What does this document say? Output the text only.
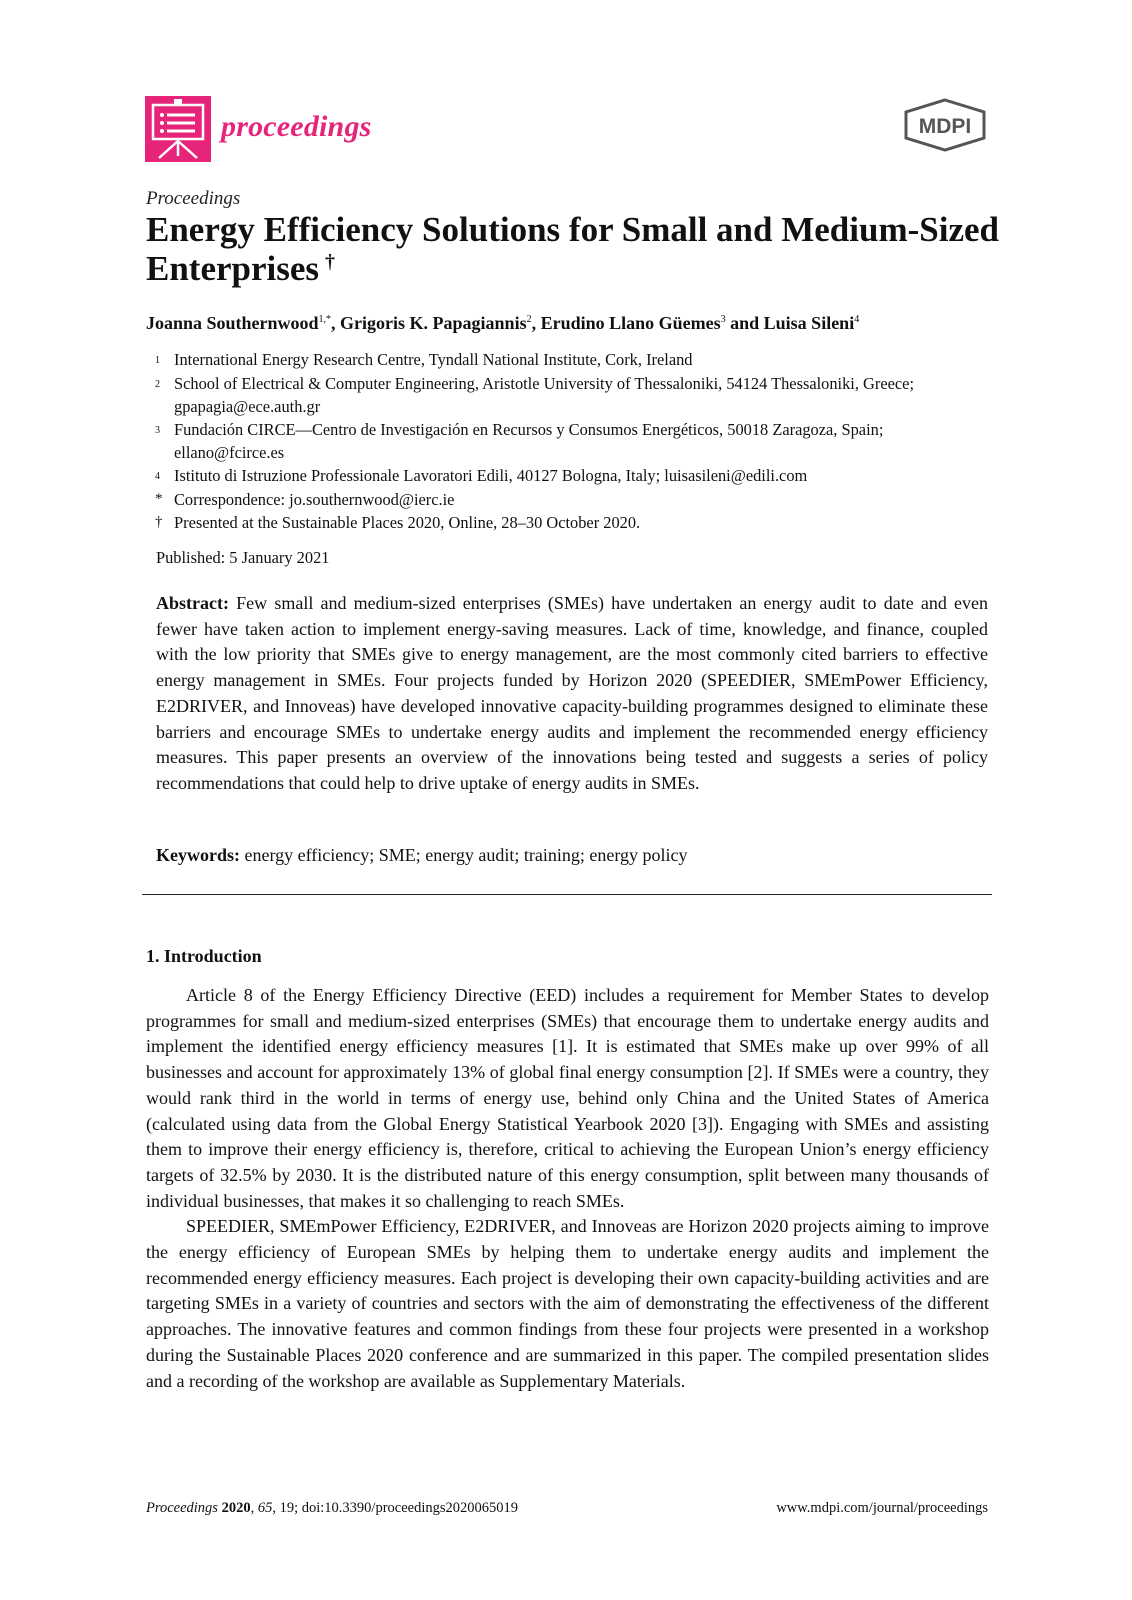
proceedings	MDPI
Proceedings
Energy Efficiency Solutions for Small and Medium-Sized Enterprises †
Joanna Southernwood$^{1,*}$, Grigoris K. Papagiannis$^2$, Erudino Llano Güemes$^3$ and Luisa Sileni$^4$
1 International Energy Research Centre, Tyndall National Institute, Cork, Ireland
2 School of Electrical & Computer Engineering, Aristotle University of Thessaloniki, 54124 Thessaloniki, Greece; gpapagia@ece.auth.gr
3 Fundación CIRCE—Centro de Investigación en Recursos y Consumos Energéticos, 50018 Zaragoza, Spain; ellano@fcirce.es
4 Istituto di Istruzione Professionale Lavoratori Edili, 40127 Bologna, Italy; luisasileni@edili.com
* Correspondence: jo.southernwood@ierc.ie
† Presented at the Sustainable Places 2020, Online, 28–30 October 2020.
Published: 5 January 2021
Abstract: Few small and medium-sized enterprises (SMEs) have undertaken an energy audit to date and even fewer have taken action to implement energy-saving measures. Lack of time, knowledge, and finance, coupled with the low priority that SMEs give to energy management, are the most commonly cited barriers to effective energy management in SMEs. Four projects funded by Horizon 2020 (SPEEDIER, SMEmPower Efficiency, E2DRIVER, and Innoveas) have developed innovative capacity-building programmes designed to eliminate these barriers and encourage SMEs to undertake energy audits and implement the recommended energy efficiency measures. This paper presents an overview of the innovations being tested and suggests a series of policy recommendations that could help to drive uptake of energy audits in SMEs.
Keywords: energy efficiency; SME; energy audit; training; energy policy
1. Introduction

Article 8 of the Energy Efficiency Directive (EED) includes a requirement for Member States to develop programmes for small and medium-sized enterprises (SMEs) that encourage them to undertake energy audits and implement the identified energy efficiency measures [1]. It is estimated that SMEs make up over 99% of all businesses and account for approximately 13% of global final energy consumption [2]. If SMEs were a country, they would rank third in the world in terms of energy use, behind only China and the United States of America (calculated using data from the Global Energy Statistical Yearbook 2020 [3]). Engaging with SMEs and assisting them to improve their energy efficiency is, therefore, critical to achieving the European Union’s energy efficiency targets of 32.5% by 2030. It is the distributed nature of this energy consumption, split between many thousands of individual businesses, that makes it so challenging to reach SMEs.

SPEEDIER, SMEmPower Efficiency, E2DRIVER, and Innoveas are Horizon 2020 projects aiming to improve the energy efficiency of European SMEs by helping them to undertake energy audits and implement the recommended energy efficiency measures. Each project is developing their own capacity-building activities and are targeting SMEs in a variety of countries and sectors with the aim of demonstrating the effectiveness of the different approaches. The innovative features and common findings from these four projects were presented in a workshop during the Sustainable Places 2020 conference and are summarized in this paper. The compiled presentation slides and a recording of the workshop are available as Supplementary Materials.

Proceedings 2020, 65, 19; doi:10.3390/proceedings2020065019	www.mdpi.com/journal/proceedings
